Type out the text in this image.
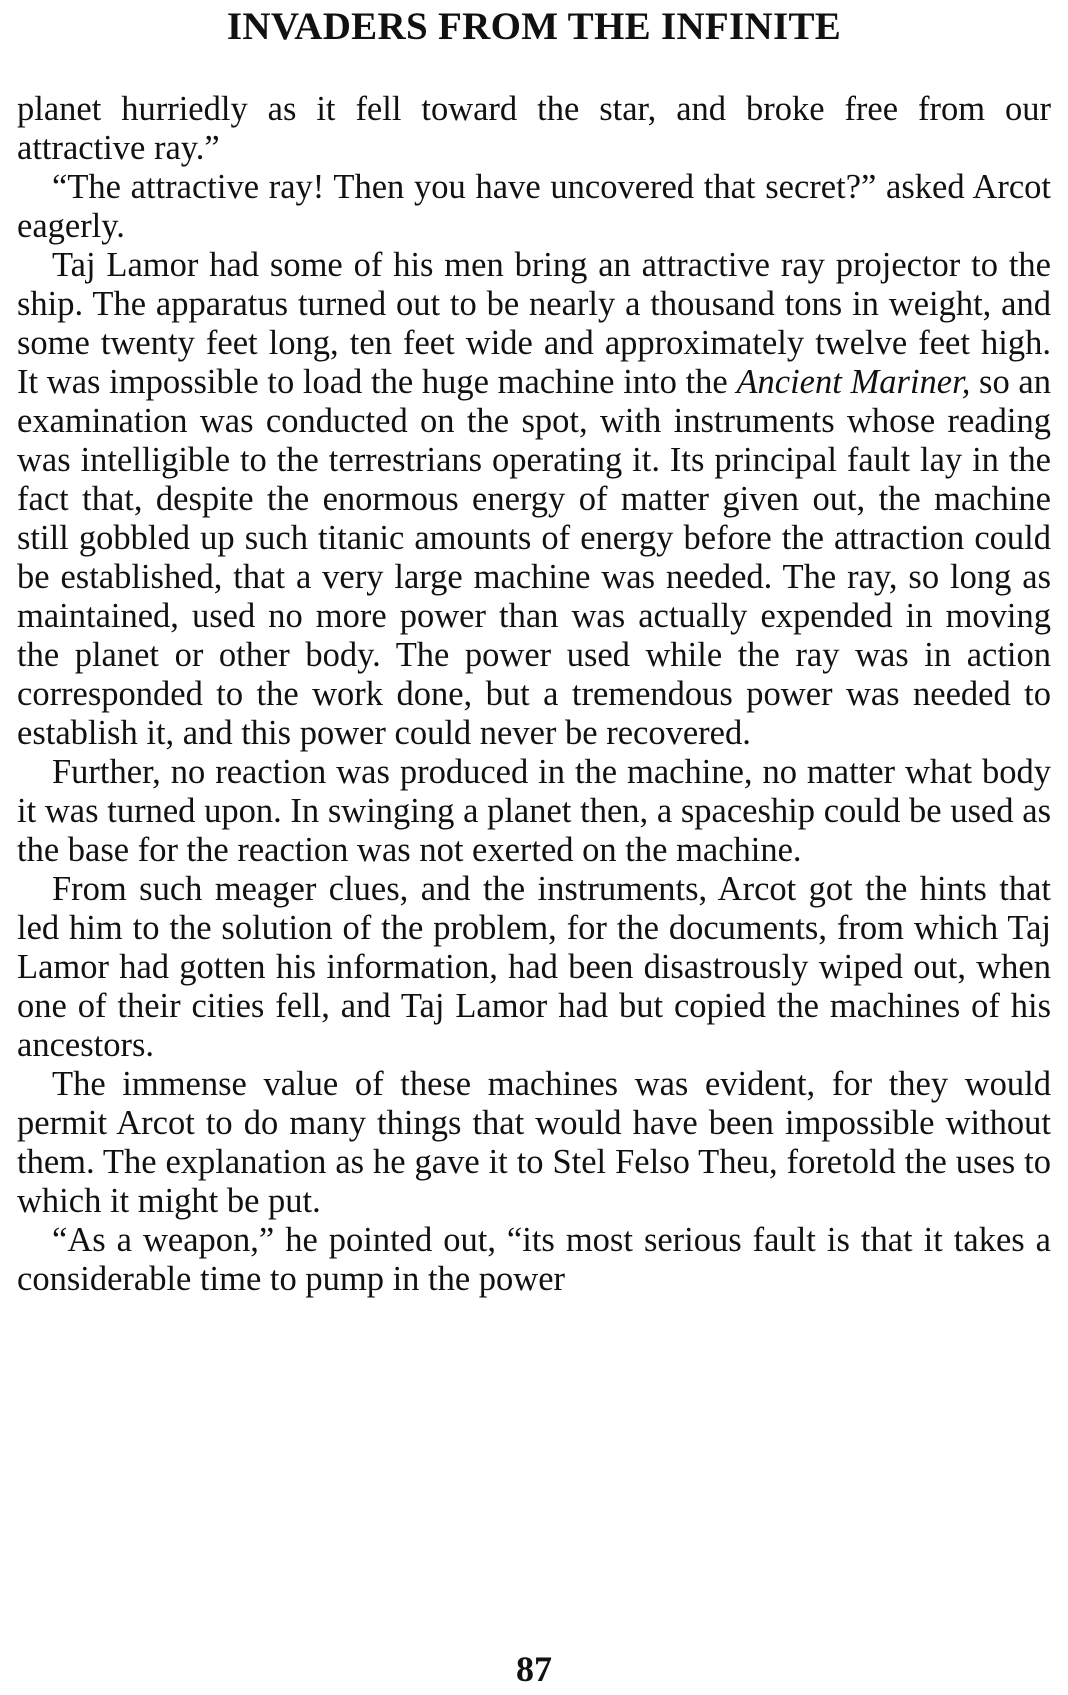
INVADERS FROM THE INFINITE

planet hurriedly as it fell toward the star, and broke free from our attractive ray.”

“The attractive ray! Then you have uncovered that secret?” asked Arcot eagerly.

Taj Lamor had some of his men bring an attractive ray projector to the ship. The apparatus turned out to be nearly a thousand tons in weight, and some twenty feet long, ten feet wide and approximately twelve feet high. It was impossible to load the huge machine into the Ancient Mariner, so an examination was conducted on the spot, with instruments whose reading was intelligible to the terrestrians operating it. Its principal fault lay in the fact that, despite the enormous energy of matter given out, the machine still gobbled up such titanic amounts of energy before the attraction could be established, that a very large machine was needed. The ray, so long as maintained, used no more power than was actually expended in moving the planet or other body. The power used while the ray was in action corresponded to the work done, but a tremendous power was needed to establish it, and this power could never be recovered.

Further, no reaction was produced in the machine, no matter what body it was turned upon. In swinging a planet then, a spaceship could be used as the base for the reaction was not exerted on the machine.

From such meager clues, and the instruments, Arcot got the hints that led him to the solution of the problem, for the documents, from which Taj Lamor had gotten his information, had been disastrously wiped out, when one of their cities fell, and Taj Lamor had but copied the machines of his ancestors.

The immense value of these machines was evident, for they would permit Arcot to do many things that would have been impossible without them. The explanation as he gave it to Stel Felso Theu, foretold the uses to which it might be put.

“As a weapon,” he pointed out, “its most serious fault is that it takes a considerable time to pump in the power

87
